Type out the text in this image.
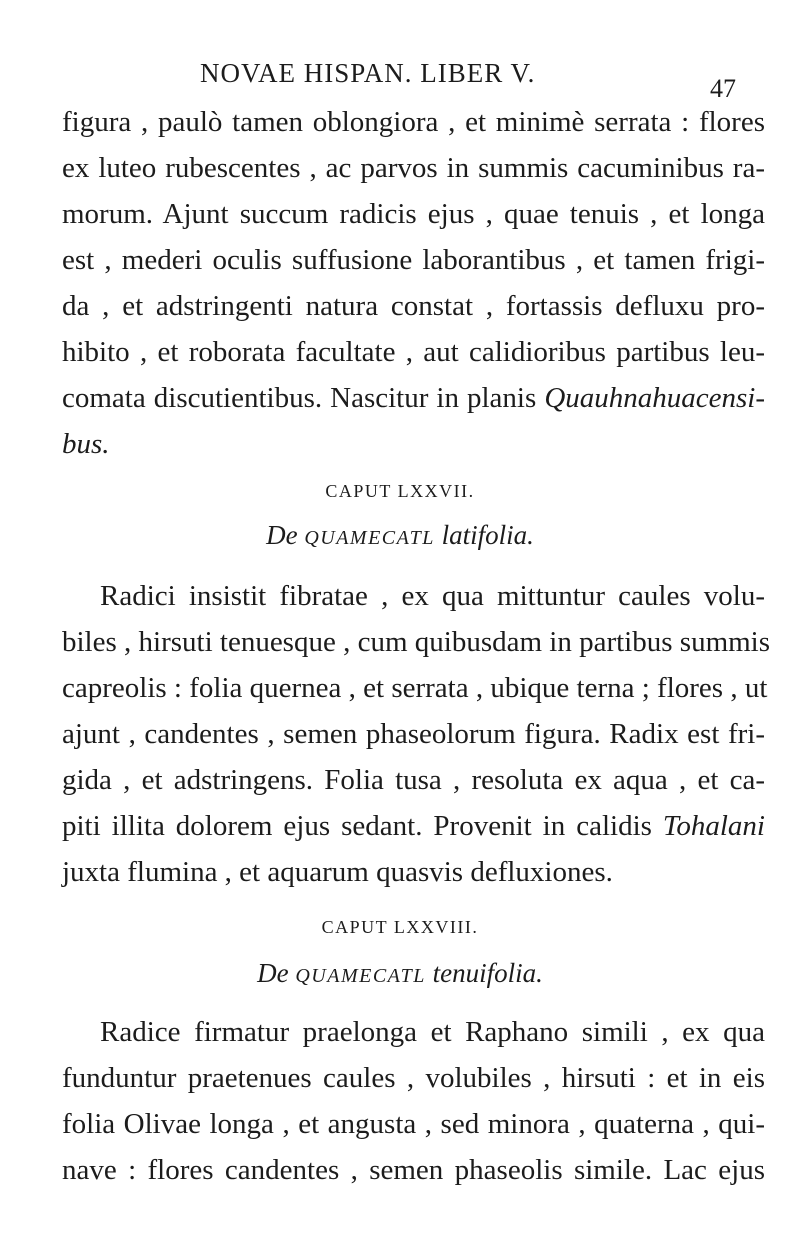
NOVAE HISPAN. LIBER V.
47
figura , paulò tamen oblongiora , et minimè serrata : flores
ex luteo rubescentes , ac parvos in summis cacuminibus ra-
morum. Ajunt succum radicis ejus , quae tenuis , et longa
est , mederi oculis suffusione laborantibus , et tamen frigi-
da , et adstringenti natura constat , fortassis defluxu pro-
hibito , et roborata facultate , aut calidioribus partibus leu-
comata discutientibus. Nascitur in planis Quauhnahuacensi-
bus.
CAPUT LXXVII.
De QUAMECATL latifolia.
Radici insistit fibratae , ex qua mittuntur caules volu-
biles , hirsuti tenuesque , cum quibusdam in partibus summis
capreolis : folia quernea , et serrata , ubique terna ; flores , ut
ajunt , candentes , semen phaseolorum figura. Radix est fri-
gida , et adstringens. Folia tusa , resoluta ex aqua , et ca-
piti illita dolorem ejus sedant. Provenit in calidis Tohalani
juxta flumina , et aquarum quasvis defluxiones.
CAPUT LXXVIII.
De QUAMECATL tenuifolia.
Radice firmatur praelonga et Raphano simili , ex qua
funduntur praetenues caules , volubiles , hirsuti : et in eis
folia Olivae longa , et angusta , sed minora , quaterna , qui-
nave : flores candentes , semen phaseolis simile. Lac ejus
